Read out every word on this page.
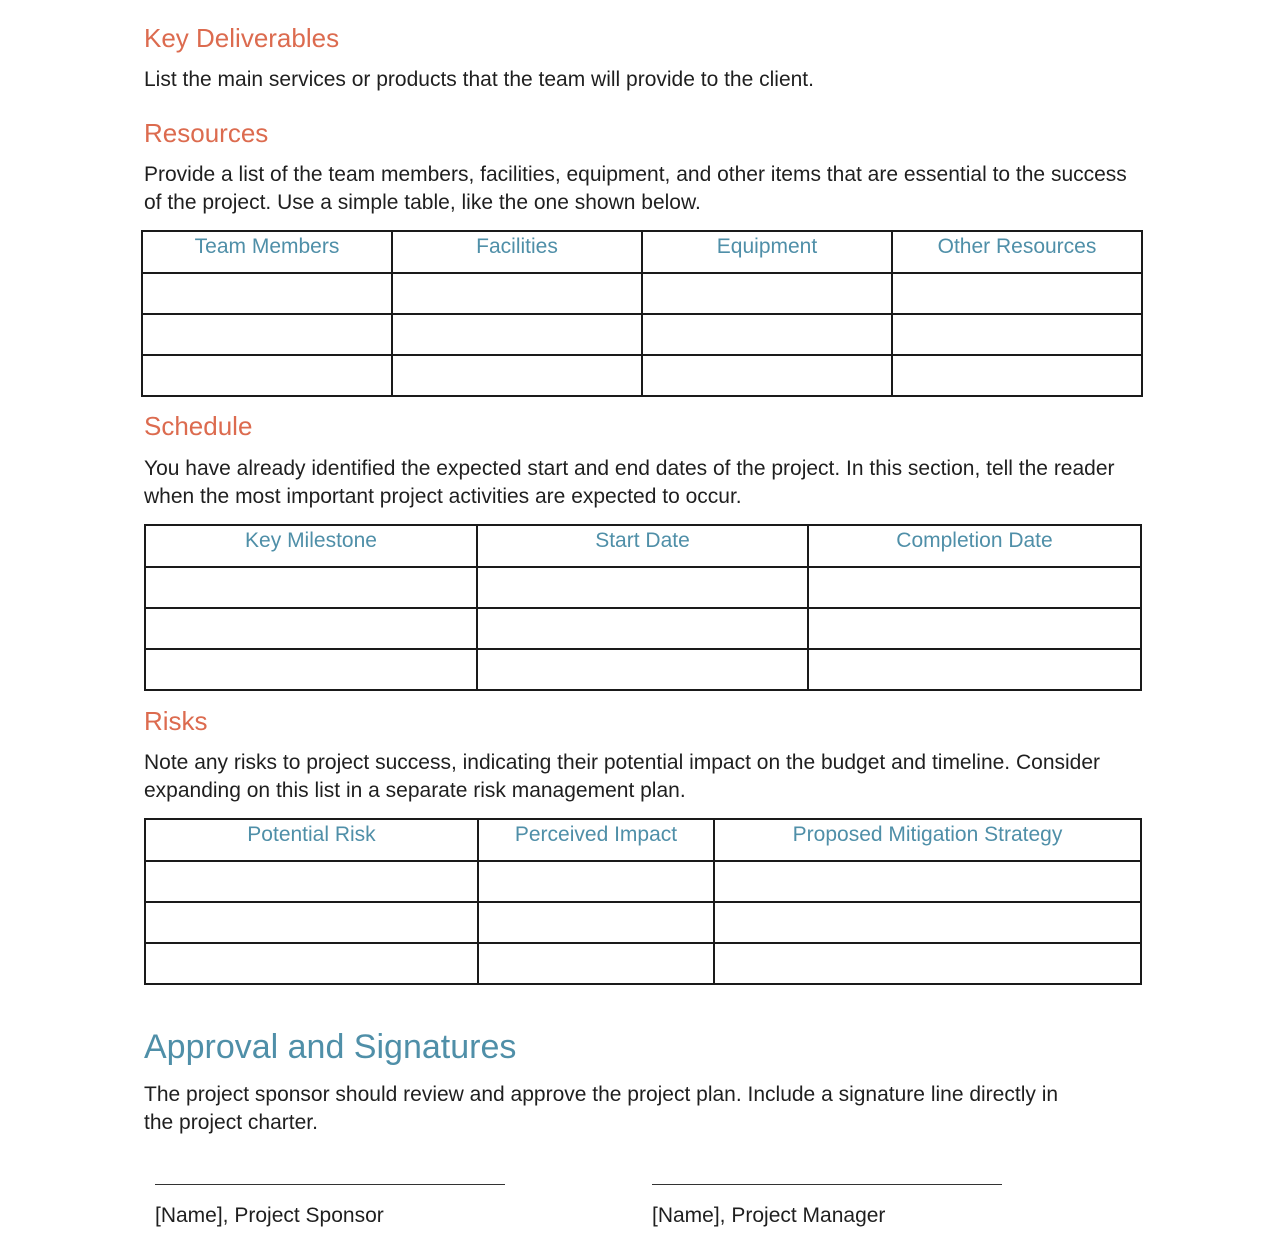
Key Deliverables

List the main services or products that the team will provide to the client.

Resources

Provide a list of the team members, facilities, equipment, and other items that are essential to the success of the project. Use a simple table, like the one shown below.

Team Members	Facilities	Equipment	Other Resources

Schedule

You have already identified the expected start and end dates of the project. In this section, tell the reader when the most important project activities are expected to occur.

Key Milestone	Start Date	Completion Date

Risks

Note any risks to project success, indicating their potential impact on the budget and timeline. Consider expanding on this list in a separate risk management plan.

Potential Risk	Perceived Impact	Proposed Mitigation Strategy

Approval and Signatures

The project sponsor should review and approve the project plan. Include a signature line directly in the project charter.

[Name], Project Sponsor	[Name], Project Manager
